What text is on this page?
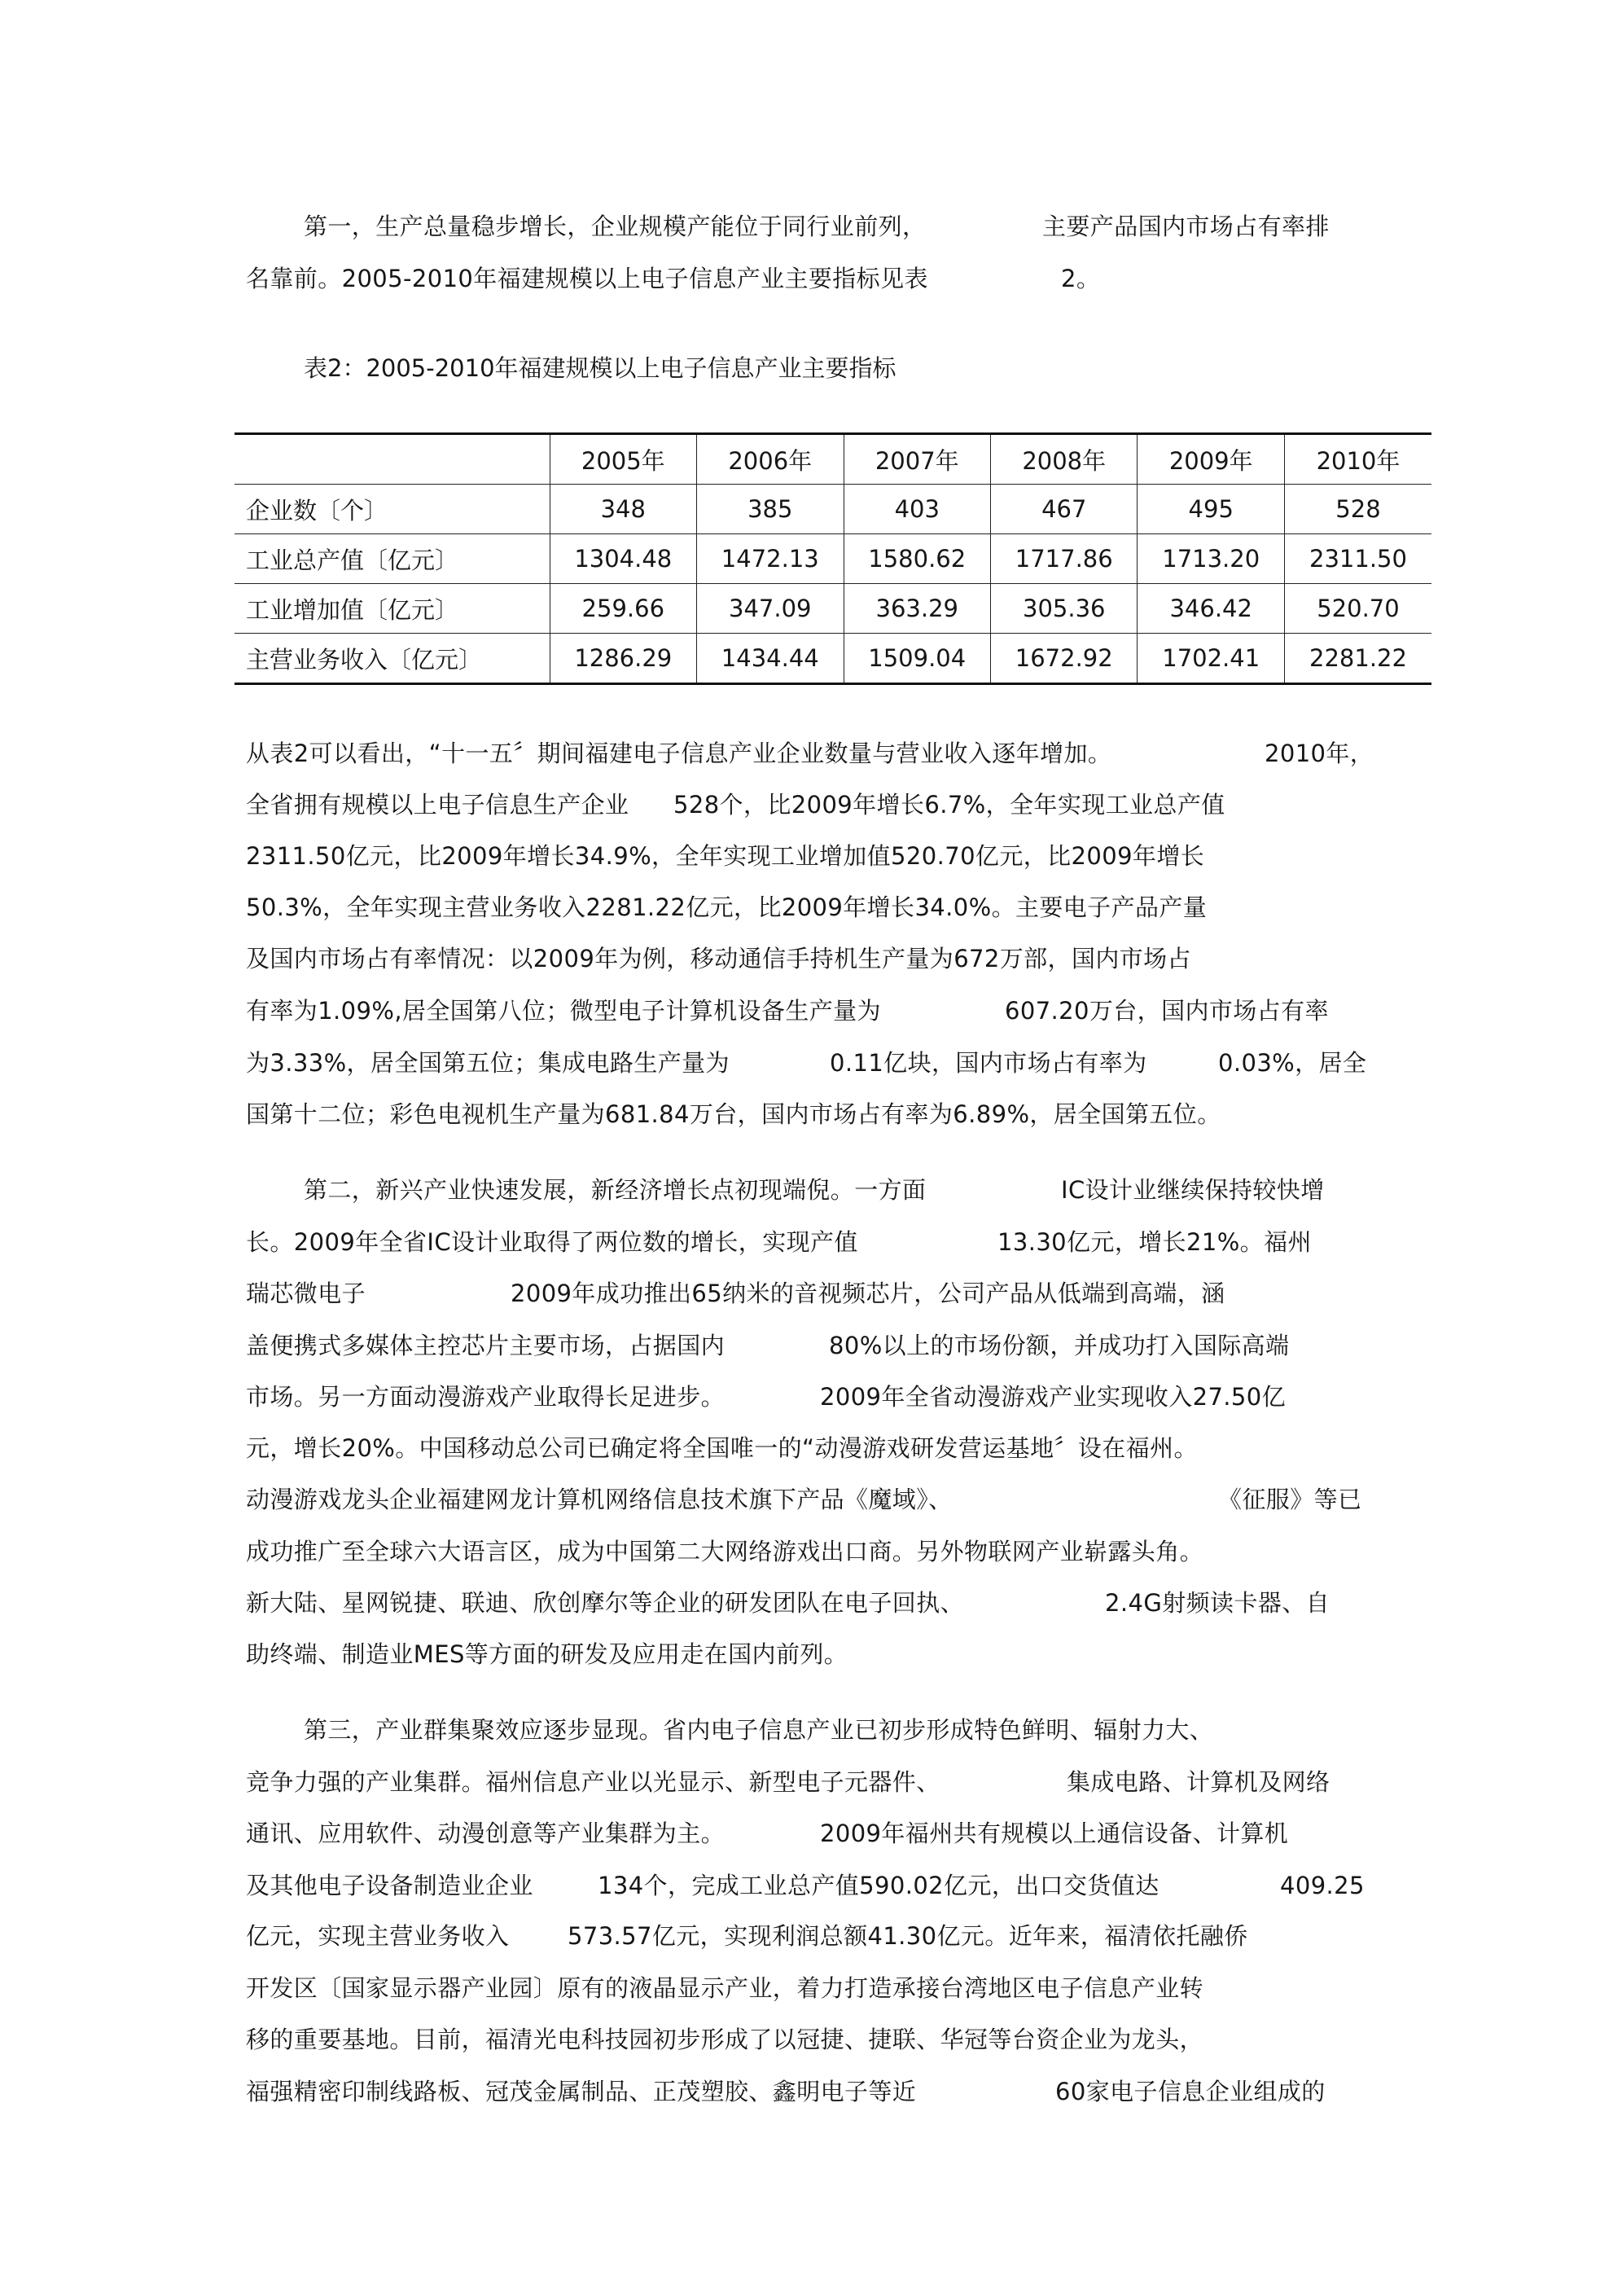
第一，生产总量稳步增长，企业规模产能位于同行业前列，	主要产品国内市场占有率排
名靠前。2005-2010年福建规模以上电子信息产业主要指标见表	2。
表2：2005-2010年福建规模以上电子信息产业主要指标
	2005年	2006年	2007年	2008年	2009年	2010年
企业数〔个〕	348	385	403	467	495	528
工业总产值〔亿元〕	1304.48	1472.13	1580.62	1717.86	1713.20	2311.50
工业增加值〔亿元〕	259.66	347.09	363.29	305.36	346.42	520.70
主营业务收入〔亿元〕	1286.29	1434.44	1509.04	1672.92	1702.41	2281.22
从表2可以看出，“十一五〞期间福建电子信息产业企业数量与营业收入逐年增加。	2010年，
全省拥有规模以上电子信息生产企业 528个，比2009年增长6.7%，全年实现工业总产值
2311.50亿元，比2009年增长34.9%，全年实现工业增加值520.70亿元，比2009年增长
50.3%，全年实现主营业务收入2281.22亿元，比2009年增长34.0%。主要电子产品产量
及国内市场占有率情况：以2009年为例，移动通信手持机生产量为672万部，国内市场占
有率为1.09%,居全国第八位；微型电子计算机设备生产量为	607.20万台，国内市场占有率
为3.33%，居全国第五位；集成电路生产量为	0.11亿块，国内市场占有率为	0.03%，居全
国第十二位；彩色电视机生产量为681.84万台，国内市场占有率为6.89%，居全国第五位。
第二，新兴产业快速发展，新经济增长点初现端倪。一方面	IC设计业继续保持较快增
长。2009年全省IC设计业取得了两位数的增长，实现产值	13.30亿元，增长21%。福州
瑞芯微电子	2009年成功推出65纳米的音视频芯片，公司产品从低端到高端，涵
盖便携式多媒体主控芯片主要市场，占据国内	80%以上的市场份额，并成功打入国际高端
市场。另一方面动漫游戏产业取得长足进步。	2009年全省动漫游戏产业实现收入27.50亿
元，增长20%。中国移动总公司已确定将全国唯一的“动漫游戏研发营运基地〞设在福州。
动漫游戏龙头企业福建网龙计算机网络信息技术旗下产品《魔域》、	《征服》等已
成功推广至全球六大语言区，成为中国第二大网络游戏出口商。另外物联网产业崭露头角。
新大陆、星网锐捷、联迪、欣创摩尔等企业的研发团队在电子回执、	2.4G射频读卡器、自
助终端、制造业MES等方面的研发及应用走在国内前列。
第三，产业群集聚效应逐步显现。省内电子信息产业已初步形成特色鲜明、辐射力大、
竞争力强的产业集群。福州信息产业以光显示、新型电子元器件、	集成电路、计算机及网络
通讯、应用软件、动漫创意等产业集群为主。	2009年福州共有规模以上通信设备、计算机
及其他电子设备制造业企业	134个，完成工业总产值590.02亿元，出口交货值达	409.25
亿元，实现主营业务收入 573.57亿元，实现利润总额41.30亿元。近年来，福清依托融侨
开发区〔国家显示器产业园〕原有的液晶显示产业，着力打造承接台湾地区电子信息产业转
移的重要基地。目前，福清光电科技园初步形成了以冠捷、捷联、华冠等台资企业为龙头，
福强精密印制线路板、冠茂金属制品、正茂塑胶、鑫明电子等近	60家电子信息企业组成的
